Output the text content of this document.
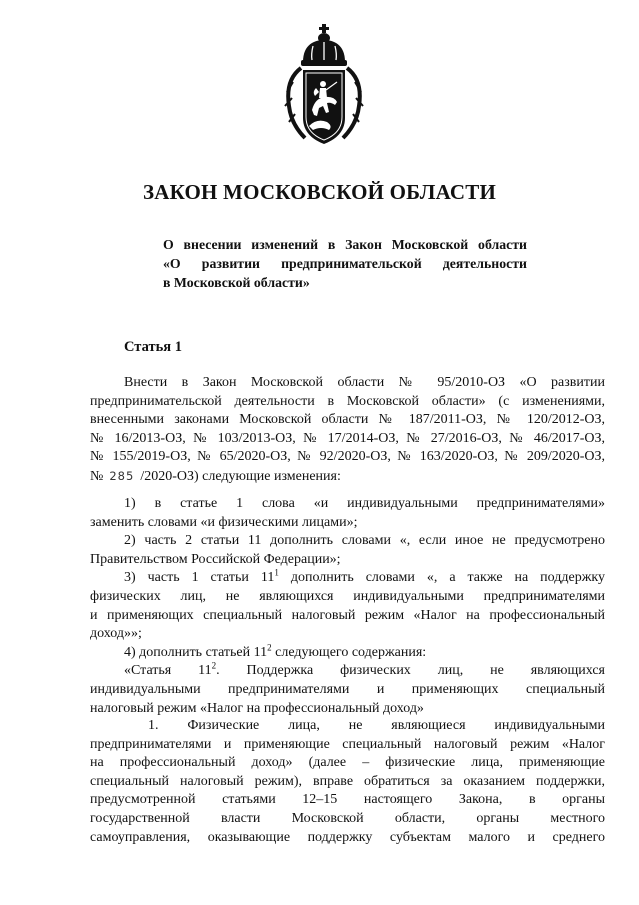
ЗАКОН МОСКОВСКОЙ ОБЛАСТИ
О внесении изменений в Закон Московской области
«О развитии предпринимательской деятельности
в Московской области»
Статья 1
Внести в Закон Московской области № 95/2010-ОЗ «О развитии
предпринимательской деятельности в Московской области» (с изменениями,
внесенными законами Московской области № 187/2011-ОЗ, № 120/2012-ОЗ,
№ 16/2013-ОЗ, № 103/2013-ОЗ, № 17/2014-ОЗ, № 27/2016-ОЗ, № 46/2017-ОЗ,
№ 155/2019-ОЗ, № 65/2020-ОЗ, № 92/2020-ОЗ, № 163/2020-ОЗ, № 209/2020-ОЗ,
№ 285 /2020-ОЗ) следующие изменения:
1) в статье 1 слова «и индивидуальными предпринимателями»
заменить словами «и физическими лицами»;
2) часть 2 статьи 11 дополнить словами «, если иное не предусмотрено
Правительством Российской Федерации»;
3) часть 1 статьи $11^1$ дополнить словами «, а также на поддержку
физических лиц, не являющихся индивидуальными предпринимателями
и применяющих специальный налоговый режим «Налог на профессиональный
доход»»;
4) дополнить статьей $11^2$ следующего содержания:
«Статья $11^2$. Поддержка физических лиц, не являющихся
индивидуальными предпринимателями и применяющих специальный
налоговый режим «Налог на профессиональный доход»
1. Физические лица, не являющиеся индивидуальными
предпринимателями и применяющие специальный налоговый режим «Налог
на профессиональный доход» (далее – физические лица, применяющие
специальный налоговый режим), вправе обратиться за оказанием поддержки,
предусмотренной статьями 12–15 настоящего Закона, в органы
государственной власти Московской области, органы местного
самоуправления, оказывающие поддержку субъектам малого и среднего
